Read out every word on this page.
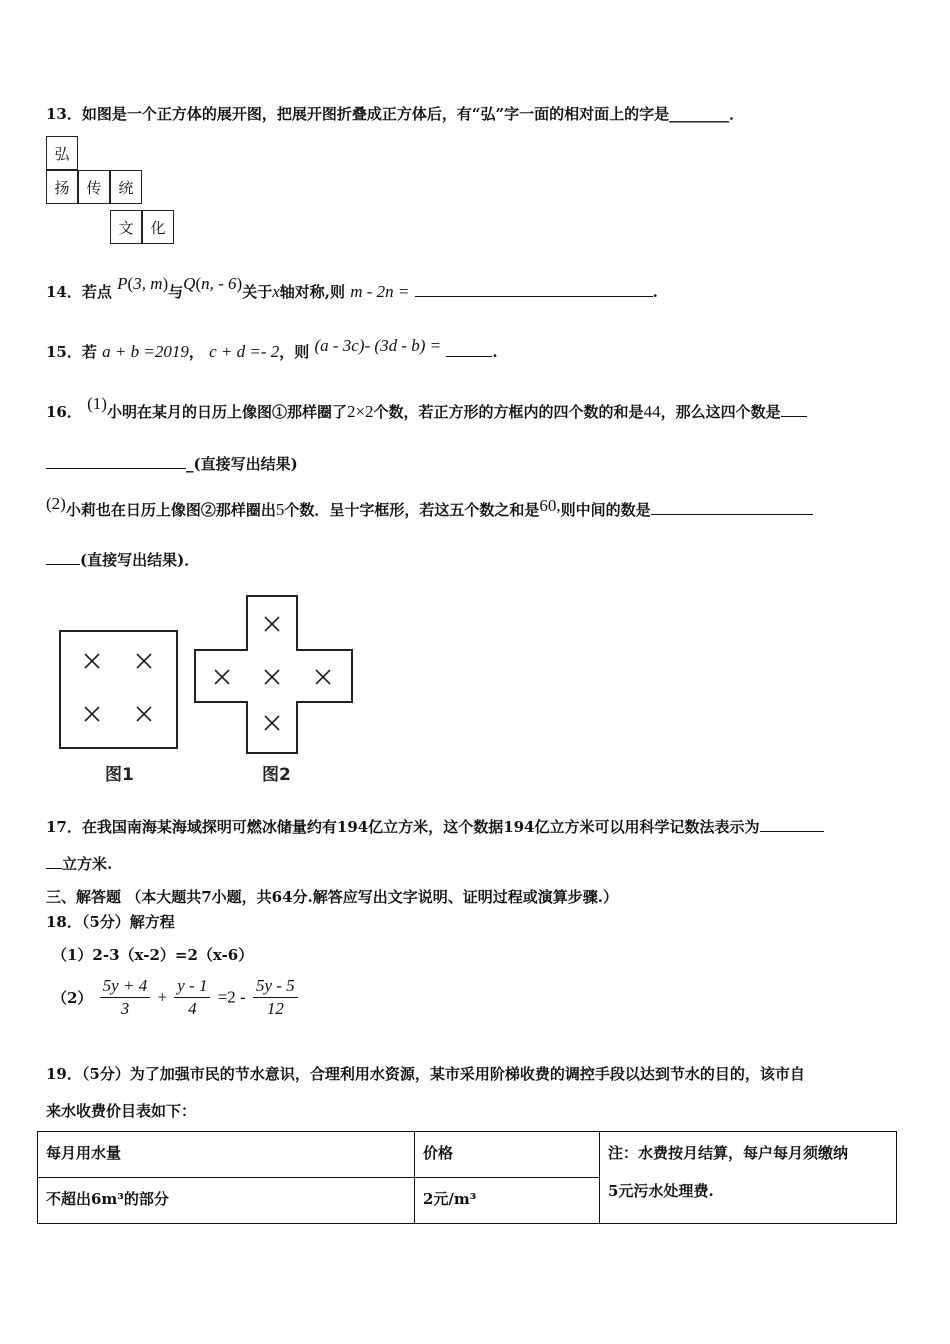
13．如图是一个正方体的展开图，把展开图折叠成正方体后，有“弘”字一面的相对面上的字是________．
弘
扬	传	统
文	化
14．若点 P(3, m)与Q(n, - 6)关于x轴对称,则 m - 2n =	.
15．若 a + b =2019， c + d =- 2，则 (a - 3c)- (3d - b) =	.
16． (1)小明在某月的日历上像图①那样圈了2×2个数，若正方形的方框内的四个数的和是44，那么这四个数是
_(直接写出结果)
(2)小莉也在日历上像图②那样圈出5个数．呈十字框形，若这五个数之和是60,则中间的数是
(直接写出结果)．
图1	图2
17．在我国南海某海域探明可燃冰储量约有194亿立方米，这个数据194亿立方米可以用科学记数法表示为
立方米.
三、解答题 （本大题共7小题，共64分.解答应写出文字说明、证明过程或演算步骤.）
18．（5分）解方程
（1）2-3（x-2）=2（x-6）
$(2) \frac{5y + 4}{3} + \frac{y - 1}{4} =2 - \frac{5y - 5}{12}$
19．（5分）为了加强市民的节水意识，合理利用水资源，某市采用阶梯收费的调控手段以达到节水的目的，该市自
来水收费价目表如下：
每月用水量	价格	注：水费按月结算，每户每月须缴纳
5元污水处理费.
不超出6m³的部分	2元/m³	
